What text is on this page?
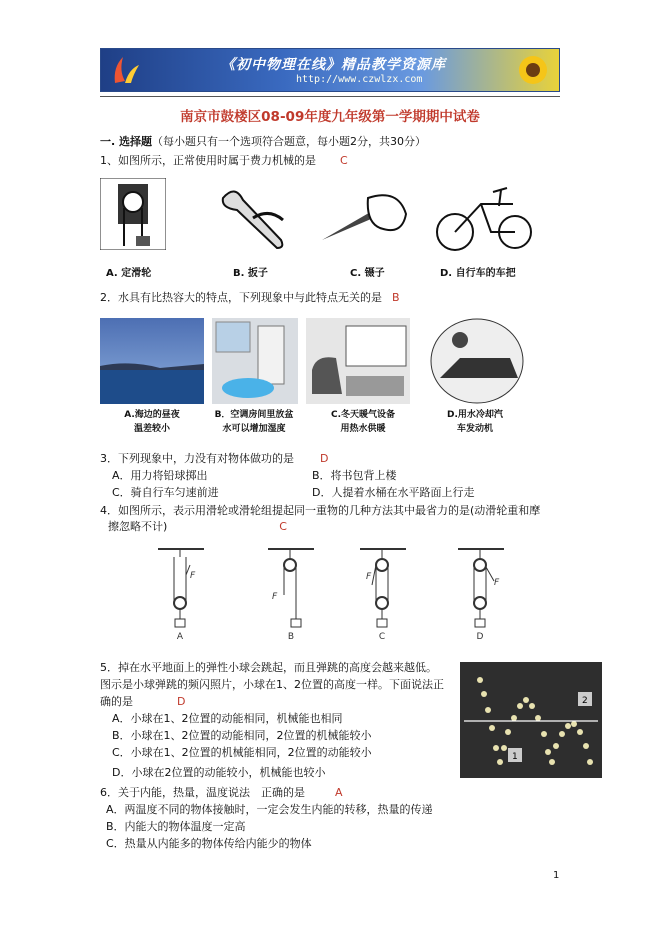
《初中物理在线》精品教学资源库
http://www.czwlzx.com
南京市鼓楼区08-09年度九年级第一学期期中试卷
一. 选择题（每小题只有一个选项符合题意，每小题2分，共30分）
1、如图所示，正常使用时属于费力机械的是 C
A. 定滑轮	B. 扳子	C. 镊子	D. 自行车的车把
2．水具有比热容大的特点，下列现象中与此特点无关的是 B
A.海边的昼夜
温差较小
B．空调房间里放盆
水可以增加湿度
C.冬天暖气设备
用热水供暖
D.用水冷却汽
车发动机
3．下列现象中，力没有对物体做功的是 D
A．用力将铅球掷出	B．将书包背上楼
C．骑自行车匀速前进	D．人提着水桶在水平路面上行走
4．如图所示，表示用滑轮或滑轮组提起同一重物的几种方法其中最省力的是(动滑轮重和摩
擦忽略不计)	C
F
F
F
F
A	B	C	D
5．掉在水平地面上的弹性小球会跳起，而且弹跳的高度会越来越低。
图示是小球弹跳的频闪照片，小球在1、2位置的高度一样。下面说法正
确的是	D
A．小球在1、2位置的动能相同，机械能也相同
B．小球在1、2位置的动能相同，2位置的机械能较小
C．小球在1、2位置的机械能相同，2位置的动能较小
D．小球在2位置的动能较小，机械能也较小
1
2
6．关于内能，热量，温度说法　正确的是	A
A．两温度不同的物体接触时，一定会发生内能的转移，热量的传递
B．内能大的物体温度一定高
C．热量从内能多的物体传给内能少的物体
1
